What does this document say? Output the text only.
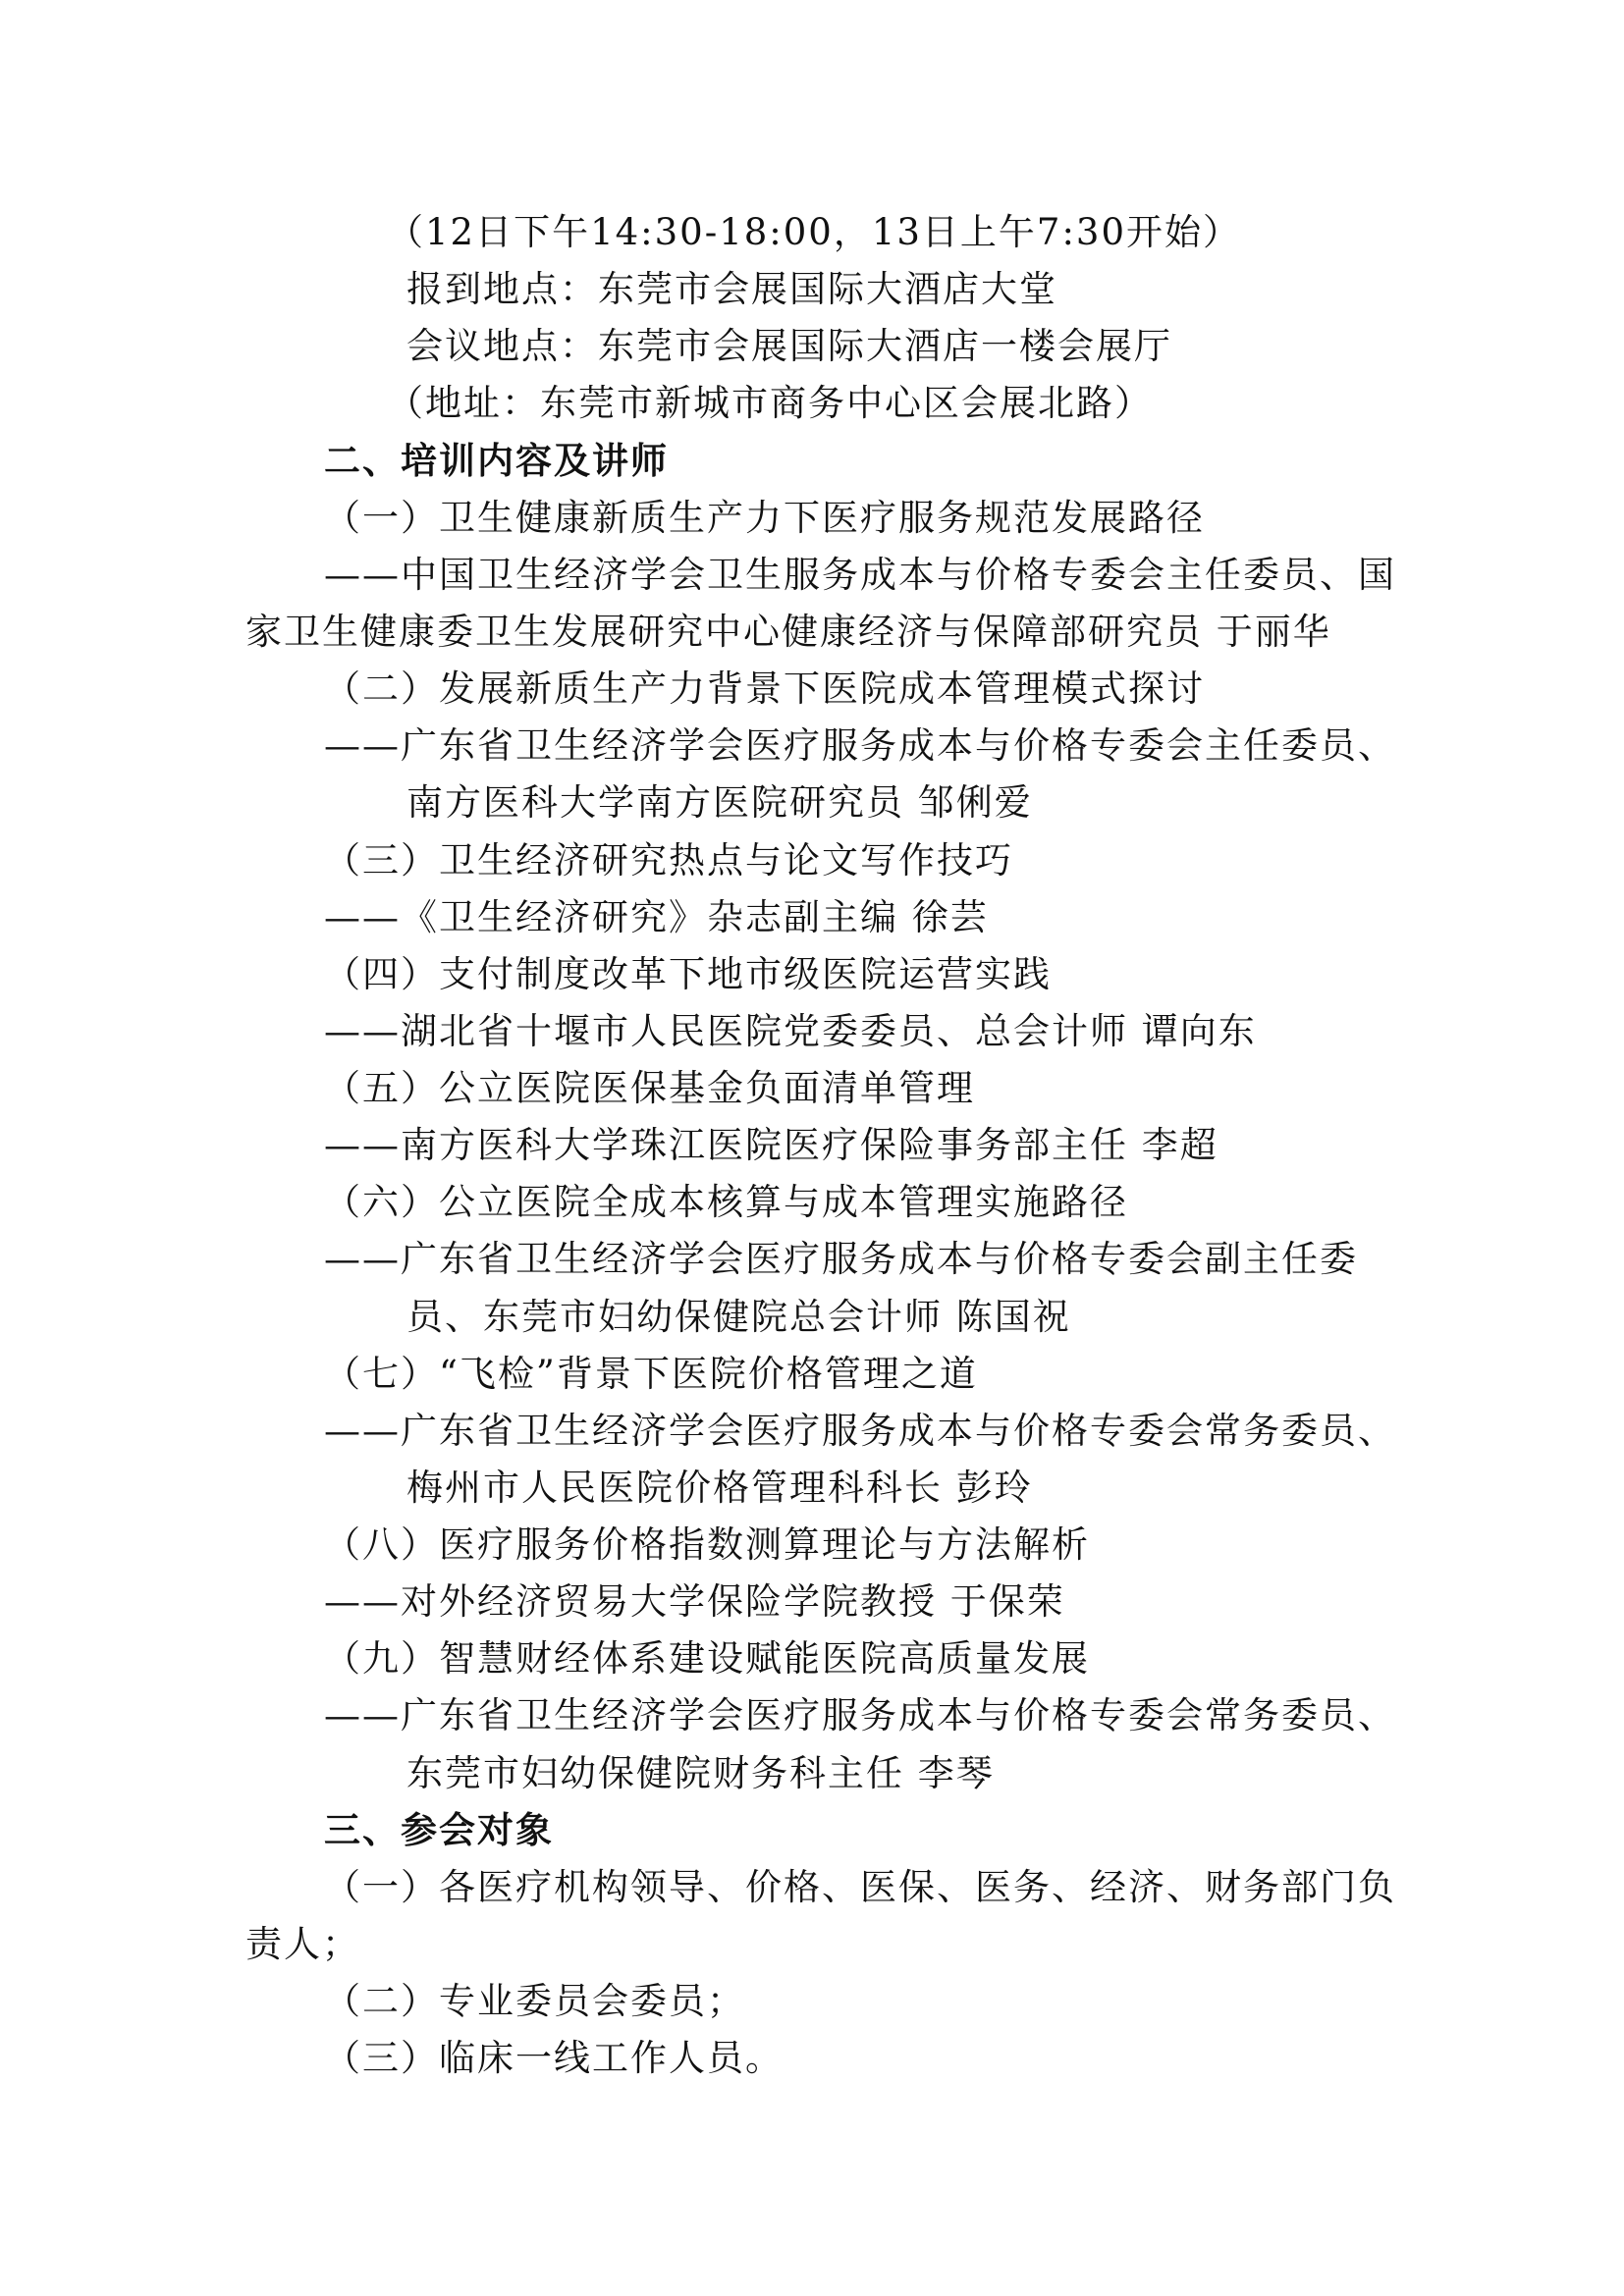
（12日下午14:30-18:00，13日上午7:30开始）
报到地点：东莞市会展国际大酒店大堂
会议地点：东莞市会展国际大酒店一楼会展厅
（地址：东莞市新城市商务中心区会展北路）
二、培训内容及讲师
（一）卫生健康新质生产力下医疗服务规范发展路径
——中国卫生经济学会卫生服务成本与价格专委会主任委员、国
家卫生健康委卫生发展研究中心健康经济与保障部研究员 于丽华
（二）发展新质生产力背景下医院成本管理模式探讨
——广东省卫生经济学会医疗服务成本与价格专委会主任委员、
南方医科大学南方医院研究员 邹俐爱
（三）卫生经济研究热点与论文写作技巧
——《卫生经济研究》杂志副主编 徐芸
（四）支付制度改革下地市级医院运营实践
——湖北省十堰市人民医院党委委员、总会计师 谭向东
（五）公立医院医保基金负面清单管理
——南方医科大学珠江医院医疗保险事务部主任 李超
（六）公立医院全成本核算与成本管理实施路径
——广东省卫生经济学会医疗服务成本与价格专委会副主任委
员、东莞市妇幼保健院总会计师 陈国祝
（七）“飞检”背景下医院价格管理之道
——广东省卫生经济学会医疗服务成本与价格专委会常务委员、
梅州市人民医院价格管理科科长 彭玲
（八）医疗服务价格指数测算理论与方法解析
——对外经济贸易大学保险学院教授 于保荣
（九）智慧财经体系建设赋能医院高质量发展
——广东省卫生经济学会医疗服务成本与价格专委会常务委员、
东莞市妇幼保健院财务科主任 李琴
三、参会对象
（一）各医疗机构领导、价格、医保、医务、经济、财务部门负
责人；
（二）专业委员会委员；
（三）临床一线工作人员。
